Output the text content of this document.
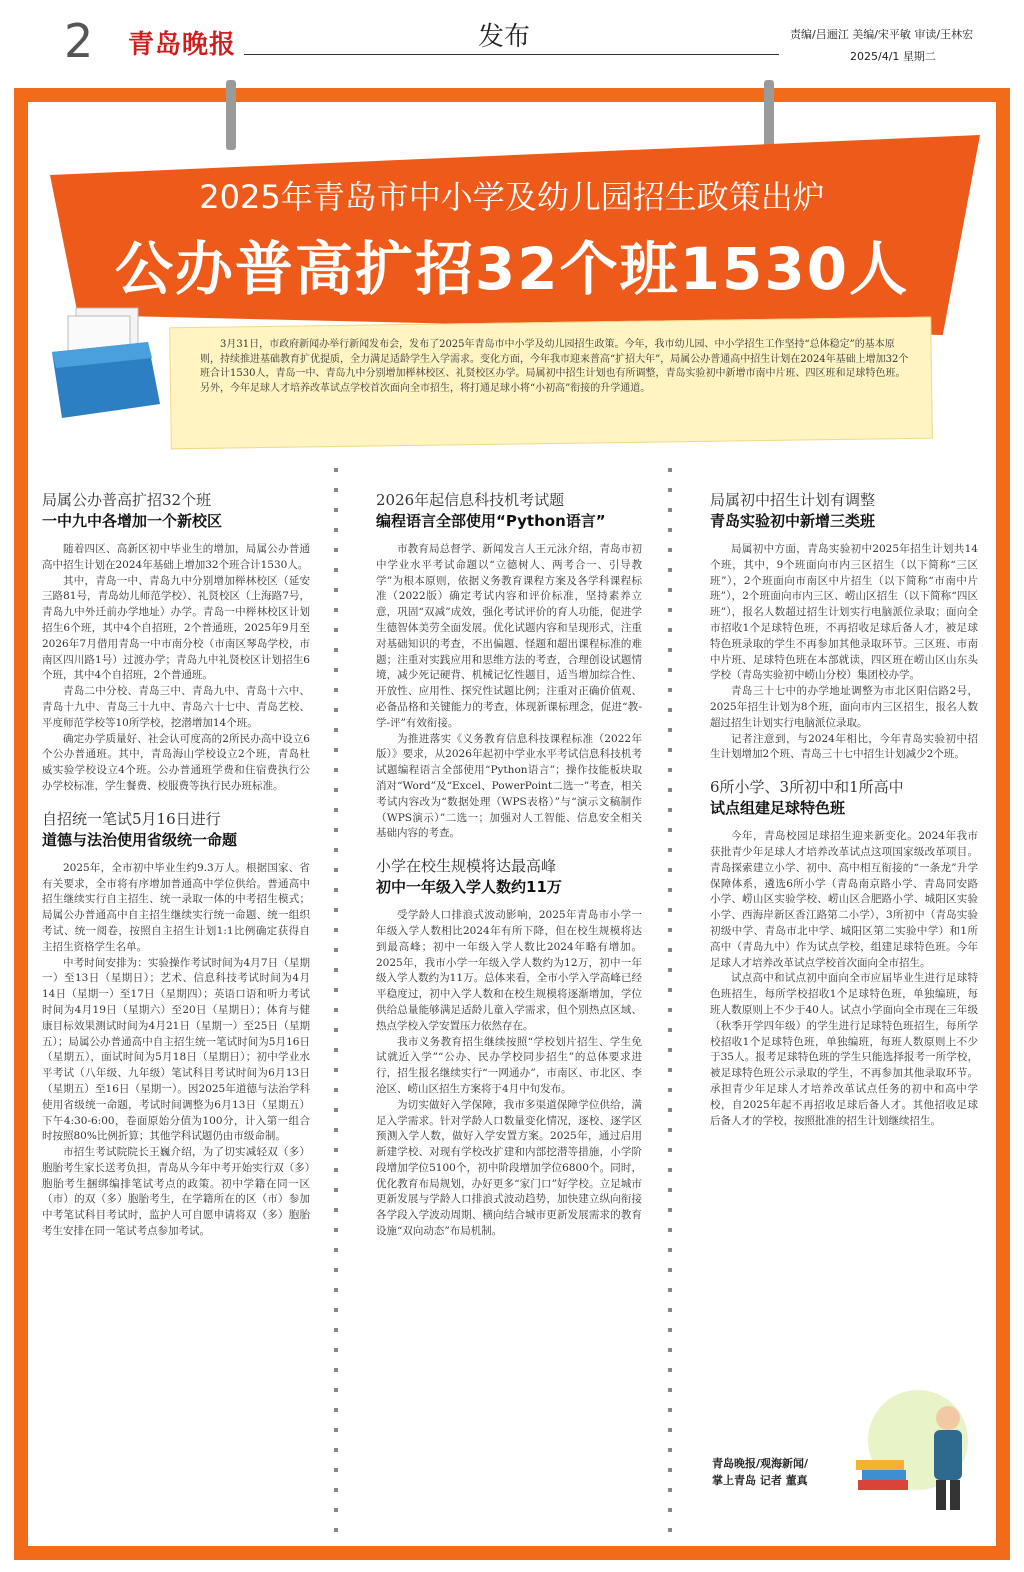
2 青岛晚报	发布	责编/吕逦江 美编/宋平敏 审读/王林宏
2025/4/1 星期二
2025年青岛市中小学及幼儿园招生政策出炉
公办普高扩招32个班1530人
3月31日，市政府新闻办举行新闻发布会，发布了2025年青岛市中小学及幼儿园招生政策。今年，我市幼儿园、中小学招生工作坚持“总体稳定”的基本原则，持续推进基础教育扩优提质，全力满足适龄学生入学需求。变化方面，今年我市迎来普高“扩招大年”，局属公办普通高中招生计划在2024年基础上增加32个班合计1530人，青岛一中、青岛九中分别增加榉林校区、礼贤校区办学。局属初中招生计划也有所调整，青岛实验初中新增市南中片班、四区班和足球特色班。另外，今年足球人才培养改革试点学校首次面向全市招生，将打通足球小将“小初高”衔接的升学通道。
局属公办普高扩招32个班
一中九中各增加一个新校区

随着四区、高新区初中毕业生的增加，局属公办普通高中招生计划在2024年基础上增加32个班合计1530人。

其中，青岛一中、青岛九中分别增加榉林校区（延安三路81号，青岛幼儿师范学校）、礼贤校区（上海路7号，青岛九中外迁前办学地址）办学。青岛一中榉林校区计划招生6个班，其中4个自招班，2个普通班，2025年9月至2026年7月借用青岛一中市南分校（市南区琴岛学校，市南区四川路1号）过渡办学；青岛九中礼贤校区计划招生6个班，其中4个自招班，2个普通班。

青岛二中分校、青岛三中、青岛九中、青岛十六中、青岛十九中、青岛三十九中、青岛六十七中、青岛艺校、平度师范学校等10所学校，挖潜增加14个班。

确定办学质量好、社会认可度高的2所民办高中设立6个公办普通班。其中，青岛海山学校设立2个班，青岛杜威实验学校设立4个班。公办普通班学费和住宿费执行公办学校标准，学生餐费、校服费等执行民办班标准。

自招统一笔试5月16日进行
道德与法治使用省级统一命题

2025年，全市初中毕业生约9.3万人。根据国家、省有关要求，全市将有序增加普通高中学位供给。普通高中招生继续实行自主招生、统一录取一体的中考招生模式；局属公办普通高中自主招生继续实行统一命题、统一组织考试、统一阅卷，按照自主招生计划1:1比例确定获得自主招生资格学生名单。

中考时间安排为：实验操作考试时间为4月7日（星期一）至13日（星期日）；艺术、信息科技考试时间为4月14日（星期一）至17日（星期四）；英语口语和听力考试时间为4月19日（星期六）至20日（星期日）；体育与健康目标效果测试时间为4月21日（星期一）至25日（星期五）；局属公办普通高中自主招生统一笔试时间为5月16日（星期五），面试时间为5月18日（星期日）；初中学业水平考试（八年级、九年级）笔试科目考试时间为6月13日（星期五）至16日（星期一）。因2025年道德与法治学科使用省级统一命题，考试时间调整为6月13日（星期五）下午4:30-6:00，卷面原始分值为100分，计入第一组合时按照80%比例折算；其他学科试题仍由市级命制。

市招生考试院院长王巍介绍，为了切实减轻双（多）胞胎考生家长送考负担，青岛从今年中考开始实行双（多）胞胎考生捆绑编排笔试考点的政策。初中学籍在同一区（市）的双（多）胞胎考生，在学籍所在的区（市）参加中考笔试科目考试时，监护人可自愿申请将双（多）胞胎考生安排在同一笔试考点参加考试。

2026年起信息科技机考试题
编程语言全部使用“Python语言”

市教育局总督学、新闻发言人王元泳介绍，青岛市初中学业水平考试命题以“立德树人、两考合一、引导教学”为根本原则，依据义务教育课程方案及各学科课程标准（2022版）确定考试内容和评价标准，坚持素养立意，巩固“双减”成效，强化考试评价的育人功能，促进学生德智体美劳全面发展。优化试题内容和呈现形式，注重对基础知识的考查，不出偏题、怪题和超出课程标准的难题；注重对实践应用和思维方法的考查，合理创设试题情境，减少死记硬背、机械记忆性题目，适当增加综合性、开放性、应用性、探究性试题比例；注重对正确价值观、必备品格和关键能力的考查，体现新课标理念，促进“教-学-评”有效衔接。

为推进落实《义务教育信息科技课程标准（2022年版）》要求，从2026年起初中学业水平考试信息科技机考试题编程语言全部使用“Python语言”；操作技能板块取消对“Word”及“Excel、PowerPoint二选一”考查，相关考试内容改为“数据处理（WPS表格）”与“演示文稿制作（WPS演示）”二选一；加强对人工智能、信息安全相关基础内容的考查。

小学在校生规模将达最高峰
初中一年级入学人数约11万

受学龄人口排浪式波动影响，2025年青岛市小学一年级入学人数相比2024年有所下降，但在校生规模将达到最高峰；初中一年级入学人数比2024年略有增加。2025年，我市小学一年级入学人数约为12万，初中一年级入学人数约为11万。总体来看，全市小学入学高峰已经平稳度过，初中入学人数和在校生规模将逐渐增加，学位供给总量能够满足适龄儿童入学需求，但个别热点区域、热点学校入学安置压力依然存在。

我市义务教育招生继续按照“学校划片招生、学生免试就近入学”“公办、民办学校同步招生”的总体要求进行，招生报名继续实行“一网通办”，市南区、市北区、李沧区、崂山区招生方案将于4月中旬发布。

为切实做好入学保障，我市多渠道保障学位供给，满足入学需求。针对学龄人口数量变化情况，逐校、逐学区预测入学人数，做好入学安置方案。2025年，通过启用新建学校、对现有学校改扩建和内部挖潜等措施，小学阶段增加学位5100个，初中阶段增加学位6800个。同时，优化教育布局规划，办好更多“家门口”好学校。立足城市更新发展与学龄人口排浪式波动趋势，加快建立纵向衔接各学段入学波动周期、横向结合城市更新发展需求的教育设施“双向动态”布局机制。

局属初中招生计划有调整
青岛实验初中新增三类班

局属初中方面，青岛实验初中2025年招生计划共14个班，其中，9个班面向市内三区招生（以下简称“三区班”），2个班面向市南区中片招生（以下简称“市南中片班”），2个班面向市内三区、崂山区招生（以下简称“四区班”），报名人数超过招生计划实行电脑派位录取；面向全市招收1个足球特色班，不再招收足球后备人才，被足球特色班录取的学生不再参加其他录取环节。三区班、市南中片班、足球特色班在本部就读，四区班在崂山区山东头学校（青岛实验初中崂山分校）集团校办学。

青岛三十七中的办学地址调整为市北区阳信路2号，2025年招生计划为8个班，面向市内三区招生，报名人数超过招生计划实行电脑派位录取。

记者注意到，与2024年相比，今年青岛实验初中招生计划增加2个班、青岛三十七中招生计划减少2个班。

6所小学、3所初中和1所高中
试点组建足球特色班

今年，青岛校园足球招生迎来新变化。2024年我市获批青少年足球人才培养改革试点这项国家级改革项目。青岛探索建立小学、初中、高中相互衔接的“一条龙”升学保障体系，遴选6所小学（青岛南京路小学、青岛同安路小学、崂山区实验学校、崂山区合肥路小学、城阳区实验小学、西海岸新区香江路第二小学），3所初中（青岛实验初级中学、青岛市北中学、城阳区第二实验中学）和1所高中（青岛九中）作为试点学校，组建足球特色班。今年足球人才培养改革试点学校首次面向全市招生。

试点高中和试点初中面向全市应届毕业生进行足球特色班招生，每所学校招收1个足球特色班，单独编班，每班人数原则上不少于40人。试点小学面向全市现在三年级（秋季开学四年级）的学生进行足球特色班招生，每所学校招收1个足球特色班，单独编班，每班人数原则上不少于35人。报考足球特色班的学生只能选择报考一所学校，被足球特色班公示录取的学生，不再参加其他录取环节。承担青少年足球人才培养改革试点任务的初中和高中学校，自2025年起不再招收足球后备人才。其他招收足球后备人才的学校，按照批准的招生计划继续招生。

青岛晚报/观海新闻/掌上青岛 记者 董真
